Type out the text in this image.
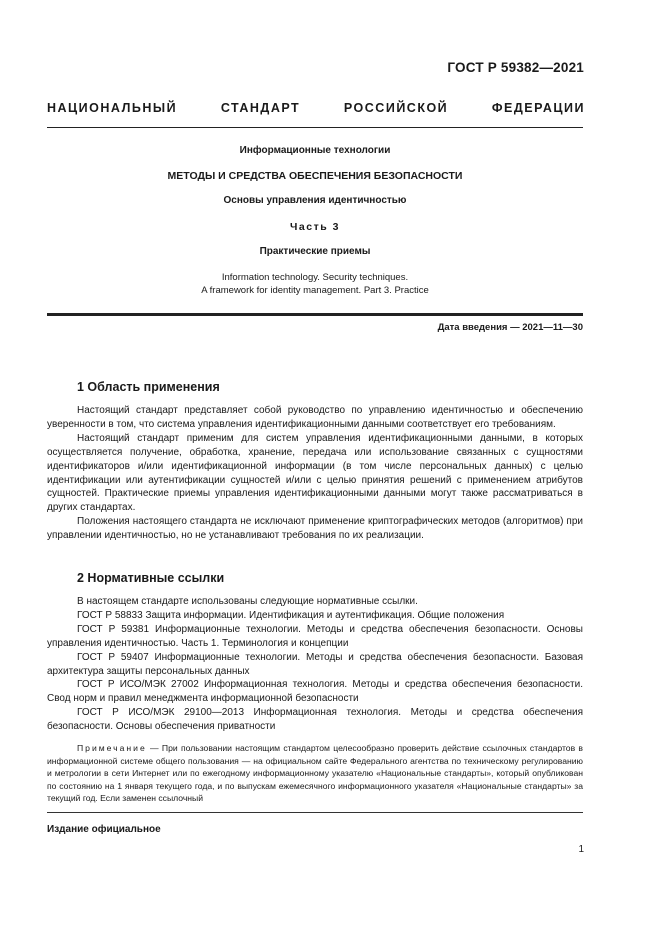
ГОСТ Р 59382—2021
НАЦИОНАЛЬНЫЙ СТАНДАРТ РОССИЙСКОЙ ФЕДЕРАЦИИ
Информационные технологии
МЕТОДЫ И СРЕДСТВА ОБЕСПЕЧЕНИЯ БЕЗОПАСНОСТИ
Основы управления идентичностью
Часть 3
Практические приемы
Information technology. Security techniques.
A framework for identity management. Part 3. Practice
Дата введения — 2021—11—30
1 Область применения

Настоящий стандарт представляет собой руководство по управлению идентичностью и обеспечению уверенности в том, что система управления идентификационными данными соответствует его требованиям.

Настоящий стандарт применим для систем управления идентификационными данными, в которых осуществляется получение, обработка, хранение, передача или использование связанных с сущностями идентификаторов и/или идентификационной информации (в том числе персональных данных) с целью идентификации или аутентификации сущностей и/или с целью принятия решений с применением атрибутов сущностей. Практические приемы управления идентификационными данными могут также рассматриваться в других стандартах.

Положения настоящего стандарта не исключают применение криптографических методов (алгоритмов) при управлении идентичностью, но не устанавливают требования по их реализации.

2 Нормативные ссылки

В настоящем стандарте использованы следующие нормативные ссылки.

ГОСТ Р 58833 Защита информации. Идентификация и аутентификация. Общие положения

ГОСТ Р 59381 Информационные технологии. Методы и средства обеспечения безопасности. Основы управления идентичностью. Часть 1. Терминология и концепции

ГОСТ Р 59407 Информационные технологии. Методы и средства обеспечения безопасности. Базовая архитектура защиты персональных данных

ГОСТ Р ИСО/МЭК 27002 Информационная технология. Методы и средства обеспечения безопасности. Свод норм и правил менеджмента информационной безопасности

ГОСТ Р ИСО/МЭК 29100—2013 Информационная технология. Методы и средства обеспечения безопасности. Основы обеспечения приватности

Примечание — При пользовании настоящим стандартом целесообразно проверить действие ссылочных стандартов в информационной системе общего пользования — на официальном сайте Федерального агентства по техническому регулированию и метрологии в сети Интернет или по ежегодному информационному указателю «Национальные стандарты», который опубликован по состоянию на 1 января текущего года, и по выпускам ежемесячного информационного указателя «Национальные стандарты» за текущий год. Если заменен ссылочный

Издание официальное
1
